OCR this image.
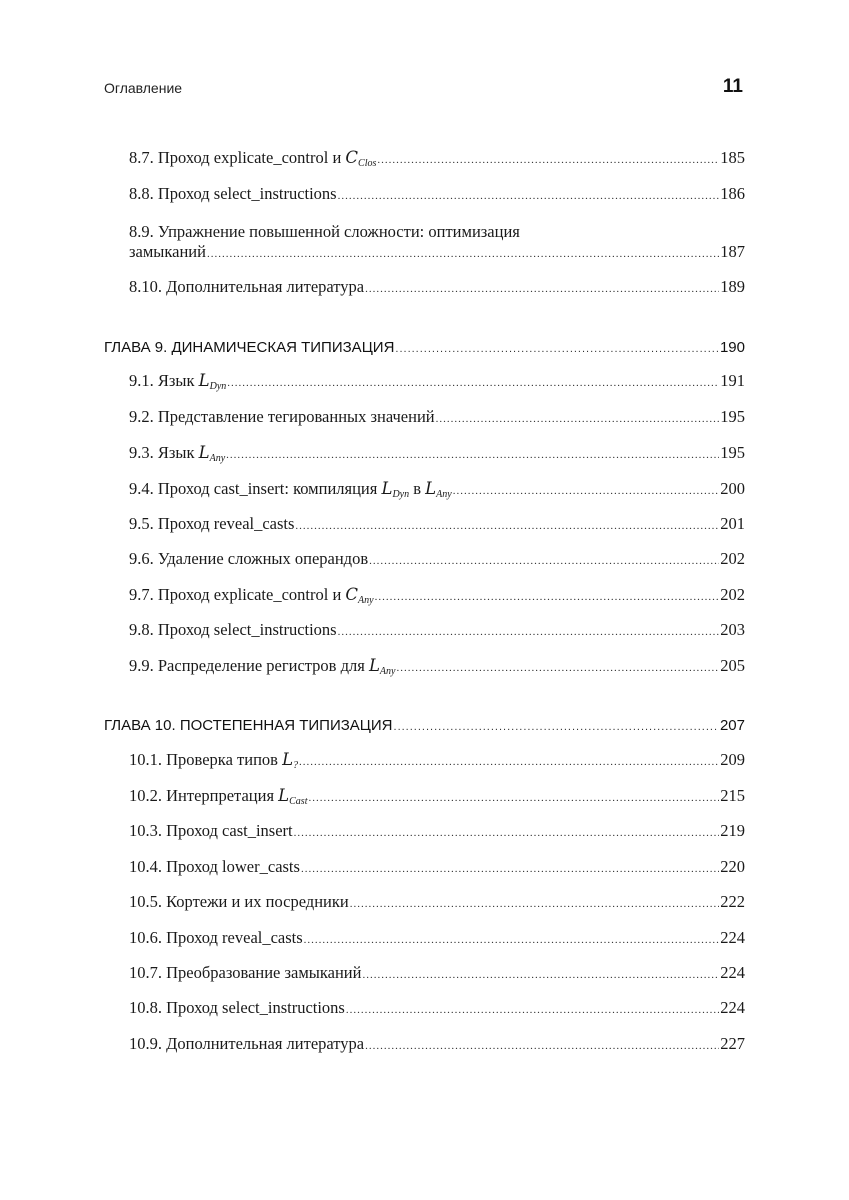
Оглавление	11
8.7. Проход explicate_control и $C_{Clos}$ .....	185
8.8. Проход select_instructions .....	186
8.9. Упражнение повышенной сложности: оптимизация
замыканий .....	187
8.10. Дополнительная литература .....	189
ГЛАВА 9. ДИНАМИЧЕСКАЯ ТИПИЗАЦИЯ .....	190
9.1. Язык $L_{Dyn}$ .....	191
9.2. Представление тегированных значений .....	195
9.3. Язык $L_{Any}$ .....	195
9.4. Проход cast_insert: компиляция $L_{Dyn}$ в $L_{Any}$ .....	200
9.5. Проход reveal_casts .....	201
9.6. Удаление сложных операндов .....	202
9.7. Проход explicate_control и $C_{Any}$ .....	202
9.8. Проход select_instructions .....	203
9.9. Распределение регистров для $L_{Any}$ .....	205
ГЛАВА 10. ПОСТЕПЕННАЯ ТИПИЗАЦИЯ .....	207
10.1. Проверка типов $L_?$ .....	209
10.2. Интерпретация $L_{Cast}$ .....	215
10.3. Проход cast_insert .....	219
10.4. Проход lower_casts .....	220
10.5. Кортежи и их посредники .....	222
10.6. Проход reveal_casts .....	224
10.7. Преобразование замыканий .....	224
10.8. Проход select_instructions .....	224
10.9. Дополнительная литература .....	227
